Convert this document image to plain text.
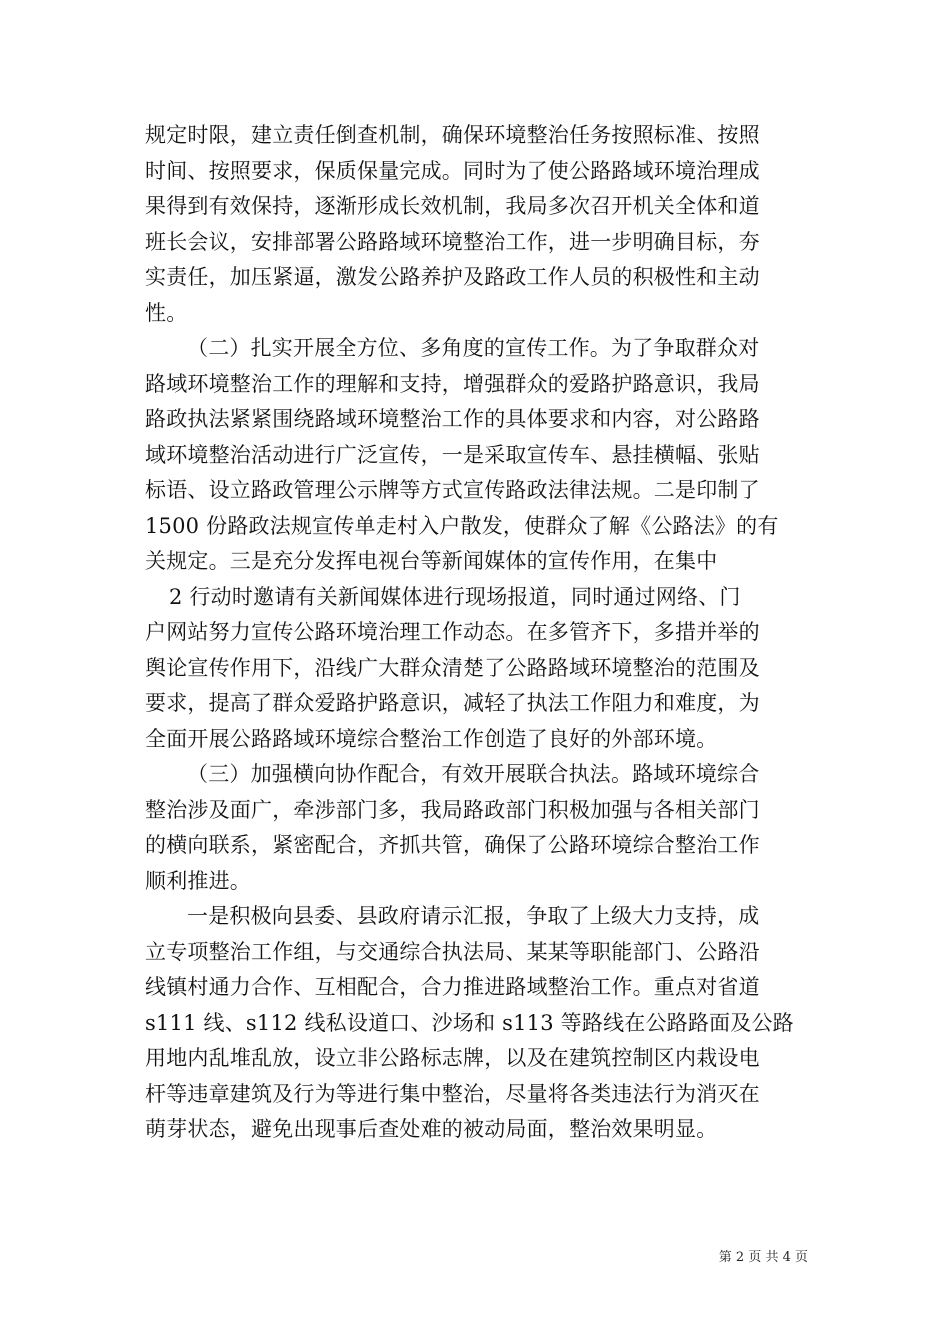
规定时限，建立责任倒查机制，确保环境整治任务按照标准、按照
时间、按照要求，保质保量完成。同时为了使公路路域环境治理成
果得到有效保持，逐渐形成长效机制，我局多次召开机关全体和道
班长会议，安排部署公路路域环境整治工作，进一步明确目标，夯
实责任，加压紧逼，激发公路养护及路政工作人员的积极性和主动
性。
（二）扎实开展全方位、多角度的宣传工作。为了争取群众对
路域环境整治工作的理解和支持，增强群众的爱路护路意识，我局
路政执法紧紧围绕路域环境整治工作的具体要求和内容，对公路路
域环境整治活动进行广泛宣传，一是采取宣传车、悬挂横幅、张贴
标语、设立路政管理公示牌等方式宣传路政法律法规。二是印制了
1500 份路政法规宣传单走村入户散发，使群众了解《公路法》的有
关规定。三是充分发挥电视台等新闻媒体的宣传作用，在集中
2 行动时邀请有关新闻媒体进行现场报道，同时通过网络、门
户网站努力宣传公路环境治理工作动态。在多管齐下，多措并举的
舆论宣传作用下，沿线广大群众清楚了公路路域环境整治的范围及
要求，提高了群众爱路护路意识，减轻了执法工作阻力和难度，为
全面开展公路路域环境综合整治工作创造了良好的外部环境。
（三）加强横向协作配合，有效开展联合执法。路域环境综合
整治涉及面广，牵涉部门多，我局路政部门积极加强与各相关部门
的横向联系，紧密配合，齐抓共管，确保了公路环境综合整治工作
顺利推进。
一是积极向县委、县政府请示汇报，争取了上级大力支持，成
立专项整治工作组，与交通综合执法局、某某等职能部门、公路沿
线镇村通力合作、互相配合，合力推进路域整治工作。重点对省道
s111 线、s112 线私设道口、沙场和 s113 等路线在公路路面及公路
用地内乱堆乱放，设立非公路标志牌，以及在建筑控制区内栽设电
杆等违章建筑及行为等进行集中整治，尽量将各类违法行为消灭在
萌芽状态，避免出现事后查处难的被动局面，整治效果明显。
第 2 页 共 4 页
